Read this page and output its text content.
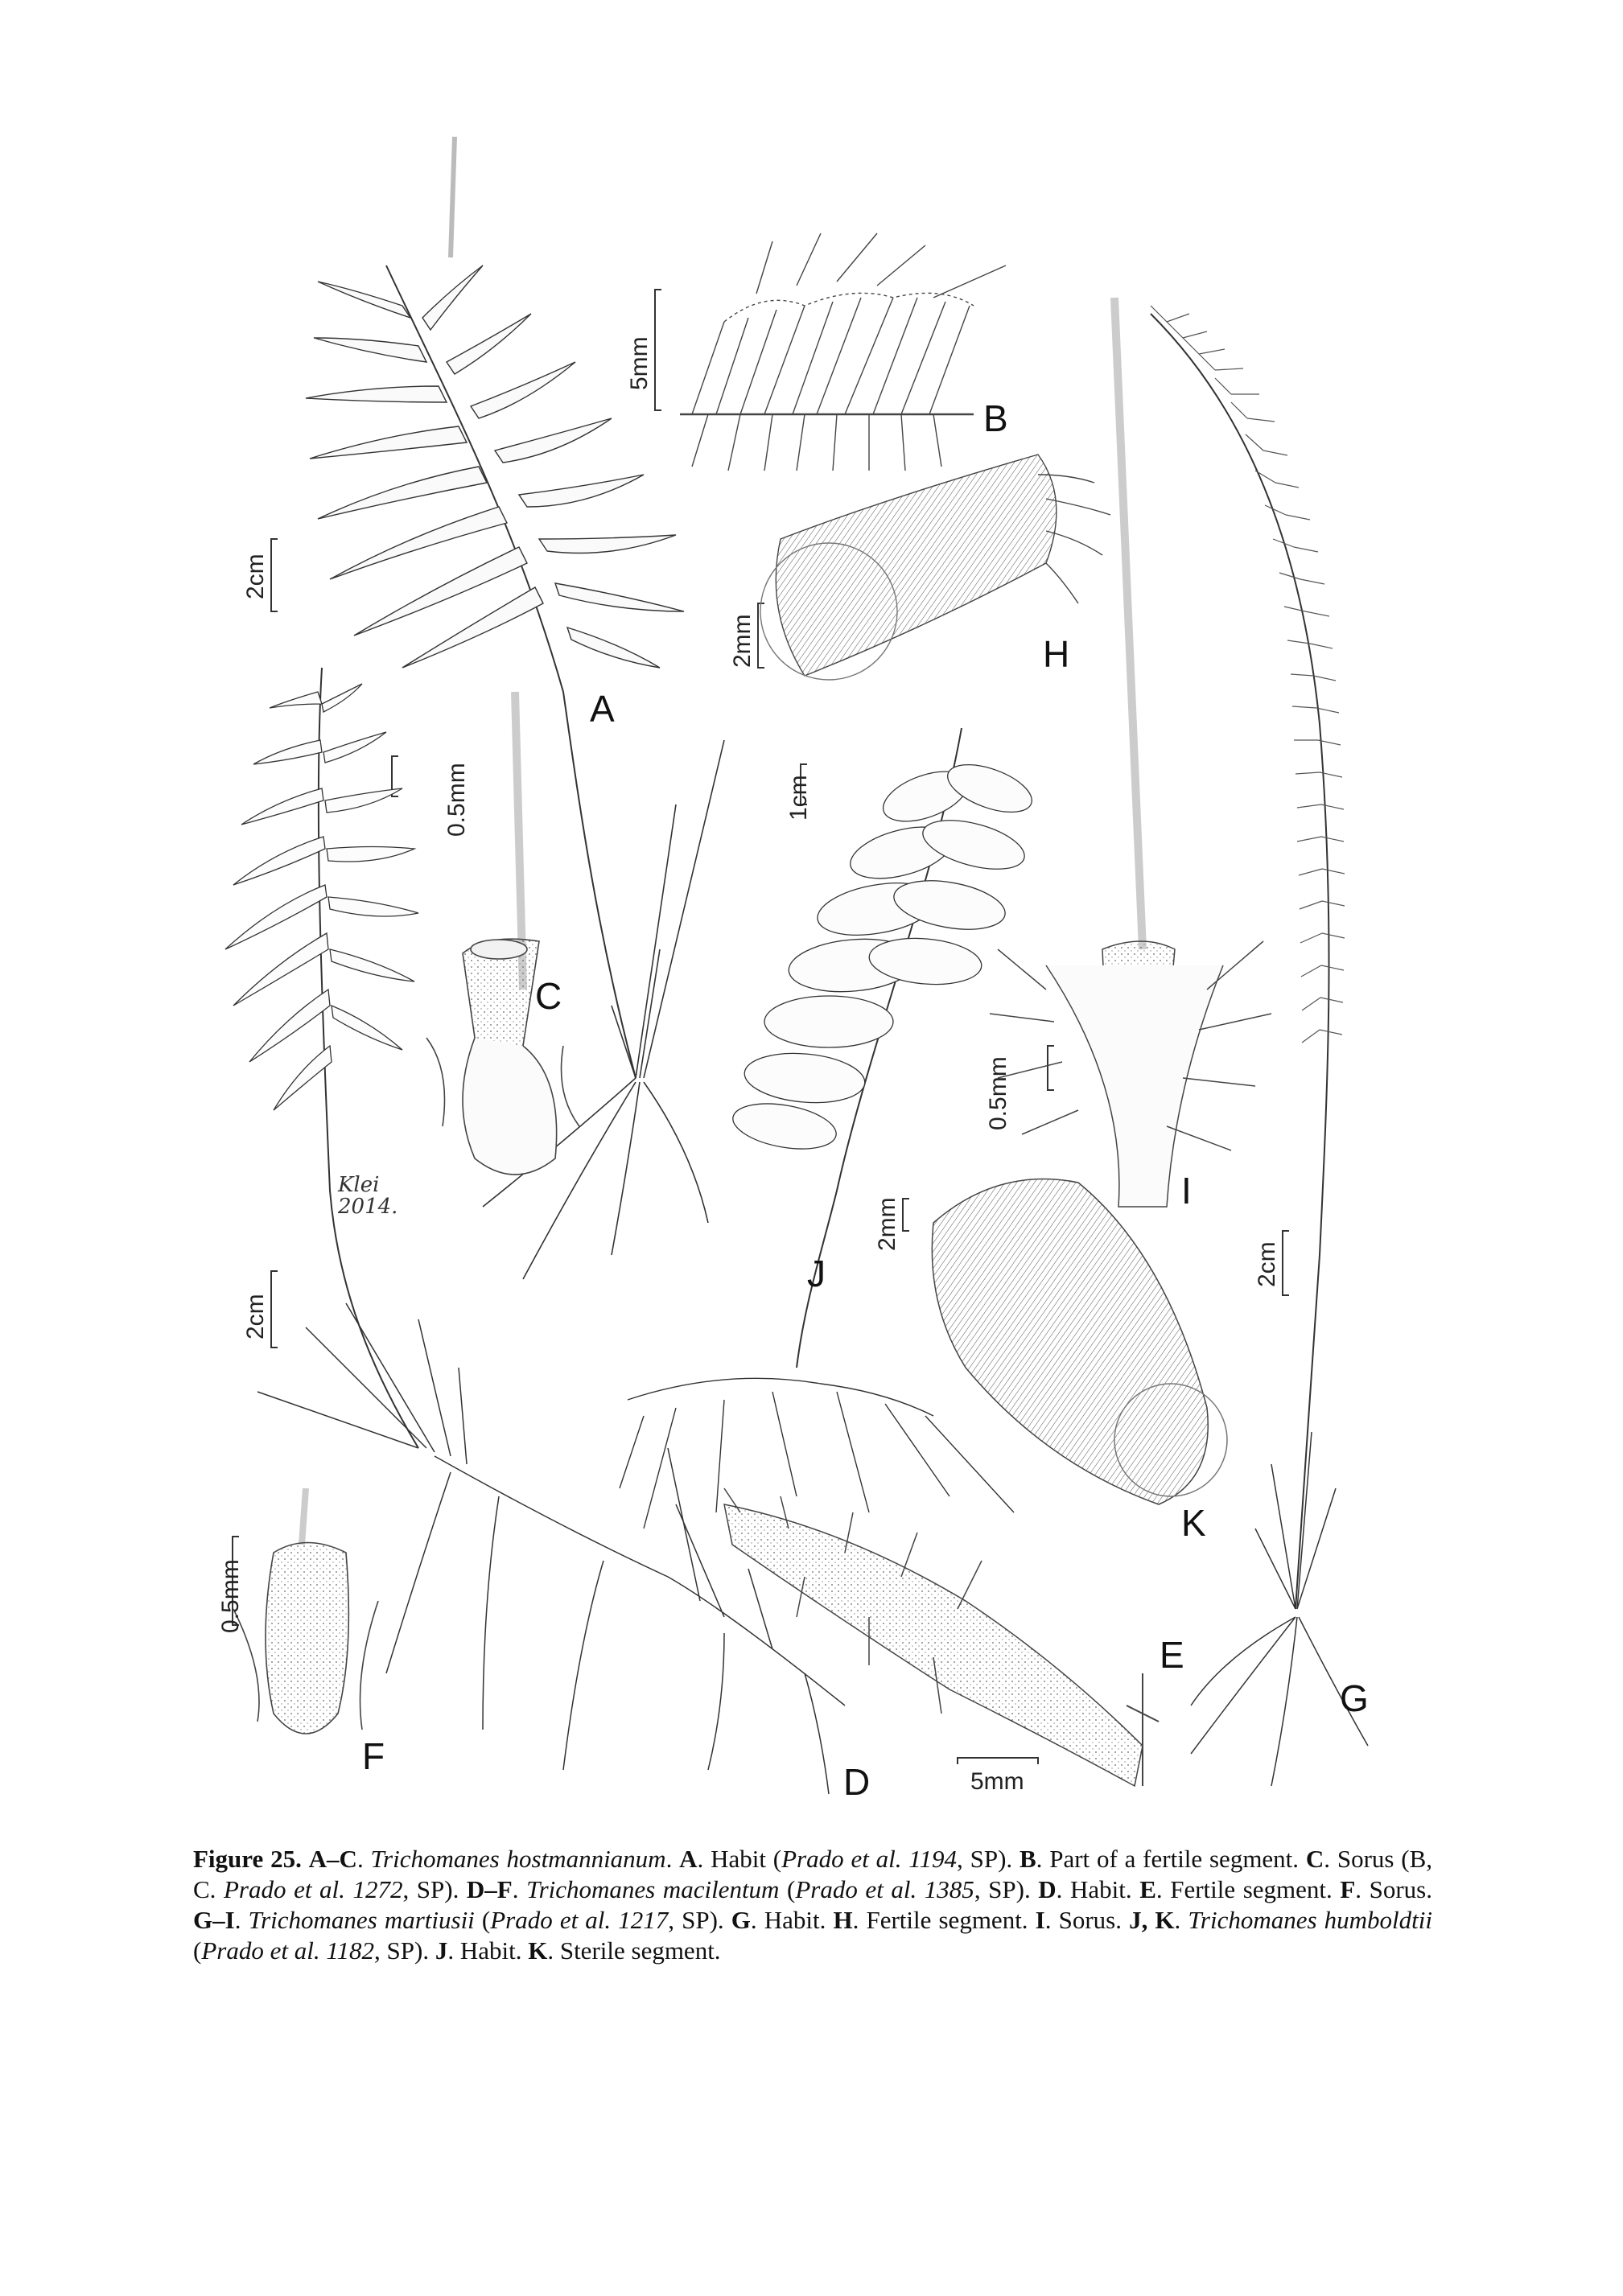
A
B
C
D
E
F
G
H
I
J
K
2cm
5mm
0.5mm
2cm
5mm
0.5mm
2cm
2mm
0.5mm
1cm
2mm
Klei
2014.
Figure 25. A–C. Trichomanes hostmannianum. A. Habit (Prado et al. 1194, SP). B. Part of a fertile segment. C. Sorus (B, C. Prado et al. 1272, SP). D–F. Trichomanes macilentum (Prado et al. 1385, SP). D. Habit. E. Fertile segment. F. Sorus. G–I. Trichomanes martiusii (Prado et al. 1217, SP). G. Habit. H. Fertile segment. I. Sorus. J, K. Trichomanes humboldtii (Prado et al. 1182, SP). J. Habit. K. Sterile segment.
